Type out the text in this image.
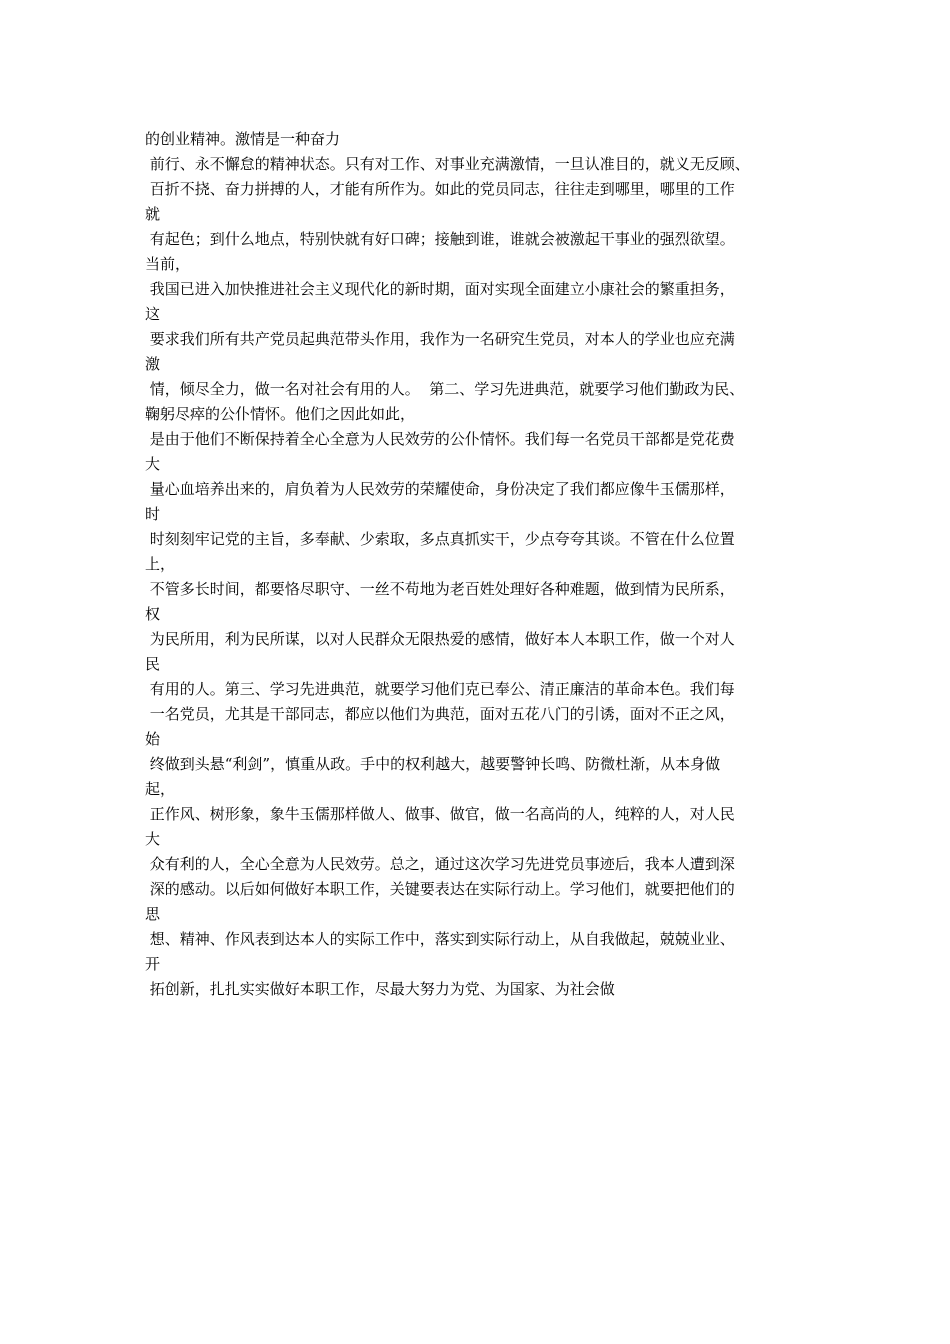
的创业精神。激情是一种奋力

前行、永不懈怠的精神状态。只有对工作、对事业充满激情，一旦认准目的，就义无反顾、

百折不挠、奋力拼搏的人，才能有所作为。如此的党员同志，往往走到哪里，哪里的工作

就

有起色；到什么地点，特别快就有好口碑；接触到谁，谁就会被激起干事业的强烈欲望。

当前，

我国已进入加快推进社会主义现代化的新时期，面对实现全面建立小康社会的繁重担务，

这

要求我们所有共产党员起典范带头作用，我作为一名研究生党员，对本人的学业也应充满

激

情，倾尽全力，做一名对社会有用的人。  第二、学习先进典范，就要学习他们勤政为民、

鞠躬尽瘁的公仆情怀。他们之因此如此，

是由于他们不断保持着全心全意为人民效劳的公仆情怀。我们每一名党员干部都是党花费

大

量心血培养出来的，肩负着为人民效劳的荣耀使命，身份决定了我们都应像牛玉儒那样，

时

时刻刻牢记党的主旨，多奉献、少索取，多点真抓实干，少点夸夸其谈。不管在什么位置

上，

不管多长时间，都要恪尽职守、一丝不苟地为老百姓处理好各种难题，做到情为民所系，

权

为民所用，利为民所谋，以对人民群众无限热爱的感情，做好本人本职工作，做一个对人

民

有用的人。第三、学习先进典范，就要学习他们克已奉公、清正廉洁的革命本色。我们每

一名党员，尤其是干部同志，都应以他们为典范，面对五花八门的引诱，面对不正之风，

始

终做到头悬“利剑”，慎重从政。手中的权利越大，越要警钟长鸣、防微杜渐，从本身做

起，

正作风、树形象，象牛玉儒那样做人、做事、做官，做一名高尚的人，纯粹的人，对人民

大

众有利的人，全心全意为人民效劳。总之，通过这次学习先进党员事迹后，我本人遭到深

深的感动。以后如何做好本职工作，关键要表达在实际行动上。学习他们，就要把他们的

思

想、精神、作风表到达本人的实际工作中，落实到实际行动上，从自我做起，兢兢业业、

开

拓创新，扎扎实实做好本职工作，尽最大努力为党、为国家、为社会做
